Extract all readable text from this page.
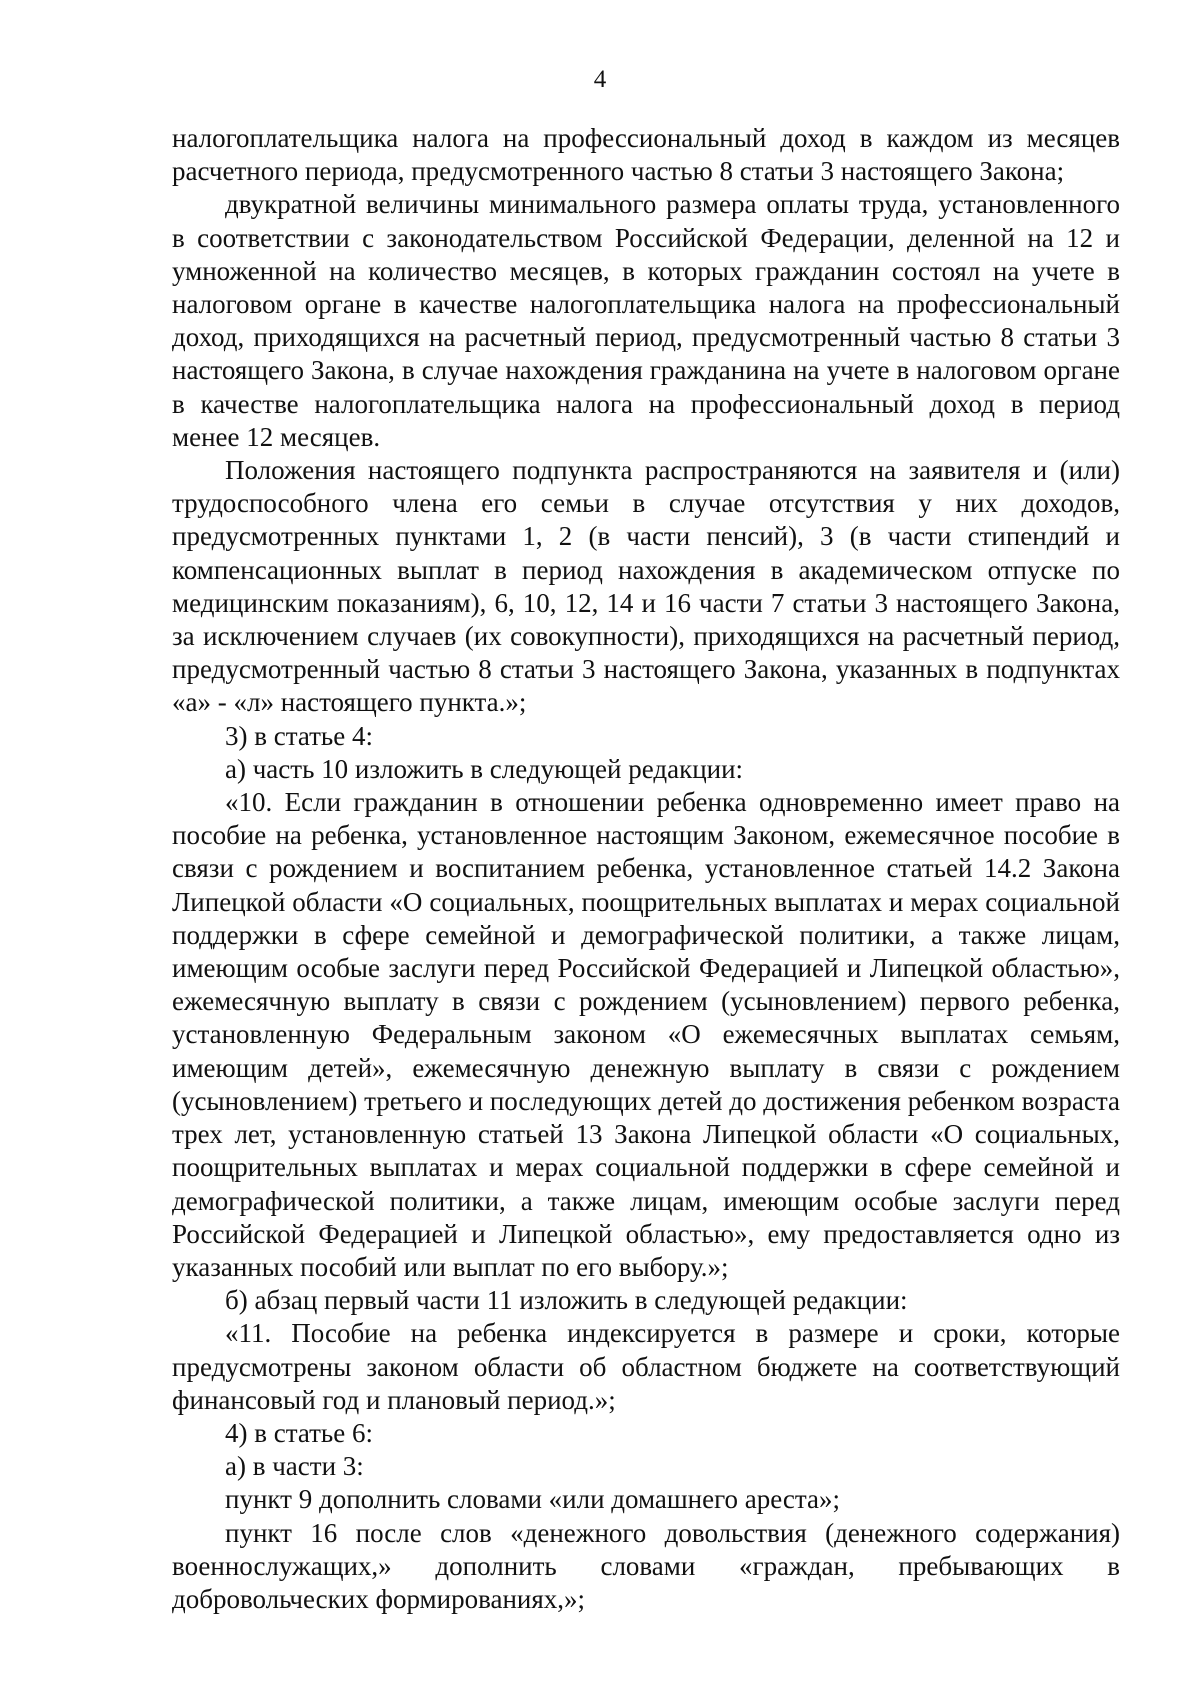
4

налогоплательщика налога на профессиональный доход в каждом из месяцев расчетного периода, предусмотренного частью 8 статьи 3 настоящего Закона;

двукратной величины минимального размера оплаты труда, установленного в соответствии с законодательством Российской Федерации, деленной на 12 и умноженной на количество месяцев, в которых гражданин состоял на учете в налоговом органе в качестве налогоплательщика налога на профессиональный доход, приходящихся на расчетный период, предусмотренный частью 8 статьи 3 настоящего Закона, в случае нахождения гражданина на учете в налоговом органе в качестве налогоплательщика налога на профессиональный доход в период менее 12 месяцев.

Положения настоящего подпункта распространяются на заявителя и (или) трудоспособного члена его семьи в случае отсутствия у них доходов, предусмотренных пунктами 1, 2 (в части пенсий), 3 (в части стипендий и компенсационных выплат в период нахождения в академическом отпуске по медицинским показаниям), 6, 10, 12, 14 и 16 части 7 статьи 3 настоящего Закона, за исключением случаев (их совокупности), приходящихся на расчетный период, предусмотренный частью 8 статьи 3 настоящего Закона, указанных в подпунктах «а» - «л» настоящего пункта.»;

3) в статье 4:

а) часть 10 изложить в следующей редакции:

«10. Если гражданин в отношении ребенка одновременно имеет право на пособие на ребенка, установленное настоящим Законом, ежемесячное пособие в связи с рождением и воспитанием ребенка, установленное статьей 14.2 Закона Липецкой области «О социальных, поощрительных выплатах и мерах социальной поддержки в сфере семейной и демографической политики, а также лицам, имеющим особые заслуги перед Российской Федерацией и Липецкой областью», ежемесячную выплату в связи с рождением (усыновлением) первого ребенка, установленную Федеральным законом «О ежемесячных выплатах семьям, имеющим детей», ежемесячную денежную выплату в связи с рождением (усыновлением) третьего и последующих детей до достижения ребенком возраста трех лет, установленную статьей 13 Закона Липецкой области «О социальных, поощрительных выплатах и мерах социальной поддержки в сфере семейной и демографической политики, а также лицам, имеющим особые заслуги перед Российской Федерацией и Липецкой областью», ему предоставляется одно из указанных пособий или выплат по его выбору.»;

б) абзац первый части 11 изложить в следующей редакции:

«11. Пособие на ребенка индексируется в размере и сроки, которые предусмотрены законом области об областном бюджете на соответствующий финансовый год и плановый период.»;

4) в статье 6:

а) в части 3:

пункт 9 дополнить словами «или домашнего ареста»;

пункт 16 после слов «денежного довольствия (денежного содержания) военнослужащих,» дополнить словами «граждан, пребывающих в добровольческих формированиях,»;
